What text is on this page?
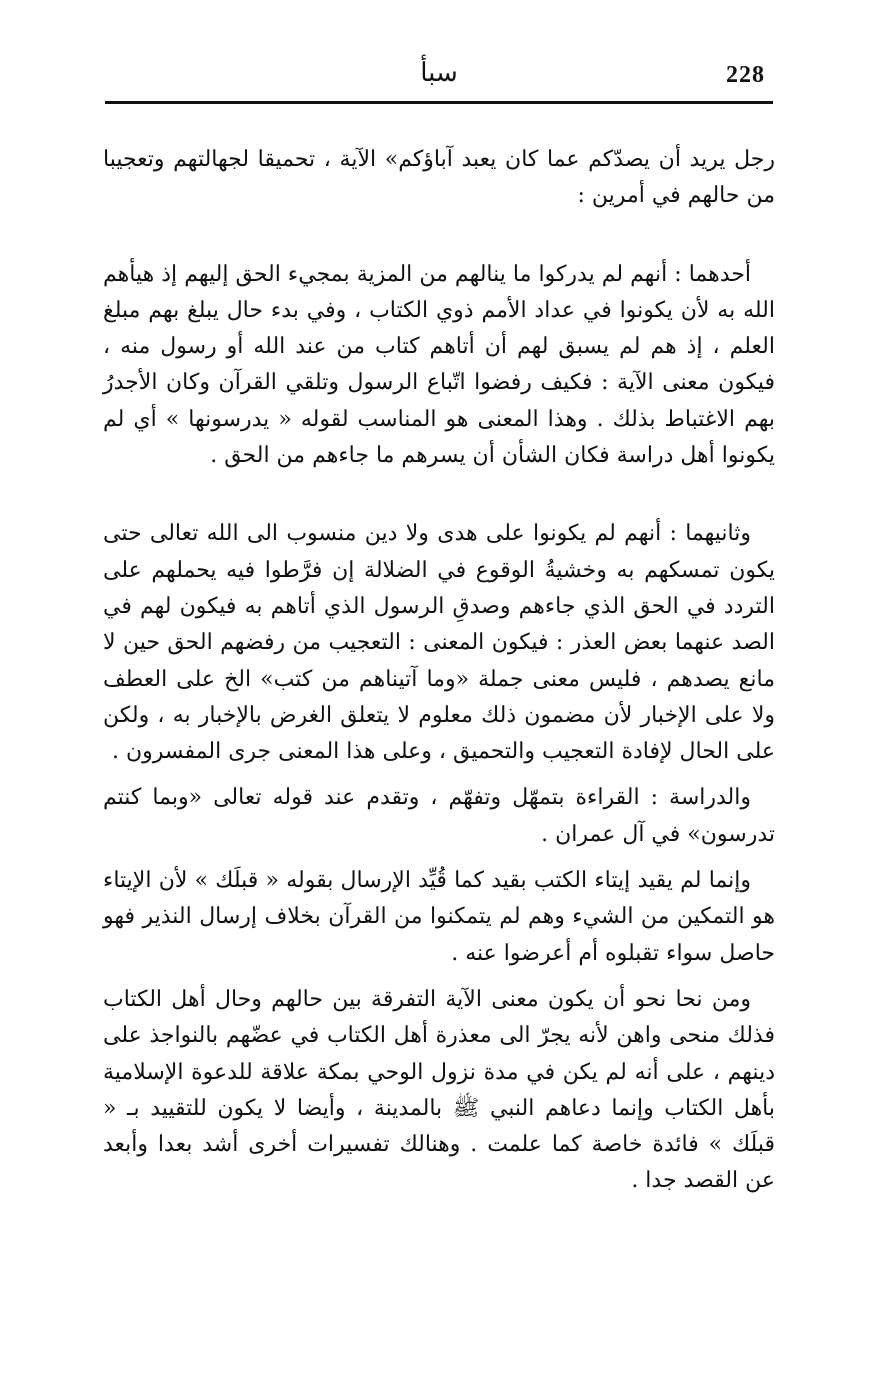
228
سبأ

رجل يريد أن يصدّكم عما كان يعبد آباؤكم» الآية ، تحميقا لجهالتهم وتعجيبا من حالهم في أمرين :

أحدهما : أنهم لم يدركوا ما ينالهم من المزية بمجيء الحق إليهم إذ هيأهم الله به لأن يكونوا في عداد الأمم ذوي الكتاب ، وفي بدء حال يبلغ بهم مبلغ العلم ، إذ هم لم يسبق لهم أن أتاهم كتاب من عند الله أو رسول منه ، فيكون معنى الآية : فكيف رفضوا اتّباع الرسول وتلقي القرآن وكان الأجدرُ بهم الاغتباط بذلك . وهذا المعنى هو المناسب لقوله « يدرسونها » أي لم يكونوا أهل دراسة فكان الشأن أن يسرهم ما جاءهم من الحق .

وثانيهما : أنهم لم يكونوا على هدى ولا دين منسوب الى الله تعالى حتى يكون تمسكهم به وخشيةُ الوقوع في الضلالة إن فرَّطوا فيه يحملهم على التردد في الحق الذي جاءهم وصدقِ الرسول الذي أتاهم به فيكون لهم في الصد عنهما بعض العذر : فيكون المعنى : التعجيب من رفضهم الحق حين لا مانع يصدهم ، فليس معنى جملة «وما آتيناهم من كتب» الخ على العطف ولا على الإخبار لأن مضمون ذلك معلوم لا يتعلق الغرض بالإخبار به ، ولكن على الحال لإفادة التعجيب والتحميق ، وعلى هذا المعنى جرى المفسرون .

والدراسة : القراءة بتمهّل وتفهّم ، وتقدم عند قوله تعالى «وبما كنتم تدرسون» في آل عمران .

وإنما لم يقيد إيتاء الكتب بقيد كما قُيِّد الإرسال بقوله « قبلَك » لأن الإيتاء هو التمكين من الشيء وهم لم يتمكنوا من القرآن بخلاف إرسال النذير فهو حاصل سواء تقبلوه أم أعرضوا عنه .

ومن نحا نحو أن يكون معنى الآية التفرقة بين حالهم وحال أهل الكتاب فذلك منحى واهن لأنه يجرّ الى معذرة أهل الكتاب في عضّهم بالنواجذ على دينهم ، على أنه لم يكن في مدة نزول الوحي بمكة علاقة للدعوة الإسلامية بأهل الكتاب وإنما دعاهم النبي ﷺ بالمدينة ، وأيضا لا يكون للتقييد بـ « قبلَك » فائدة خاصة كما علمت . وهنالك تفسيرات أخرى أشد بعدا وأبعد عن القصد جدا .
